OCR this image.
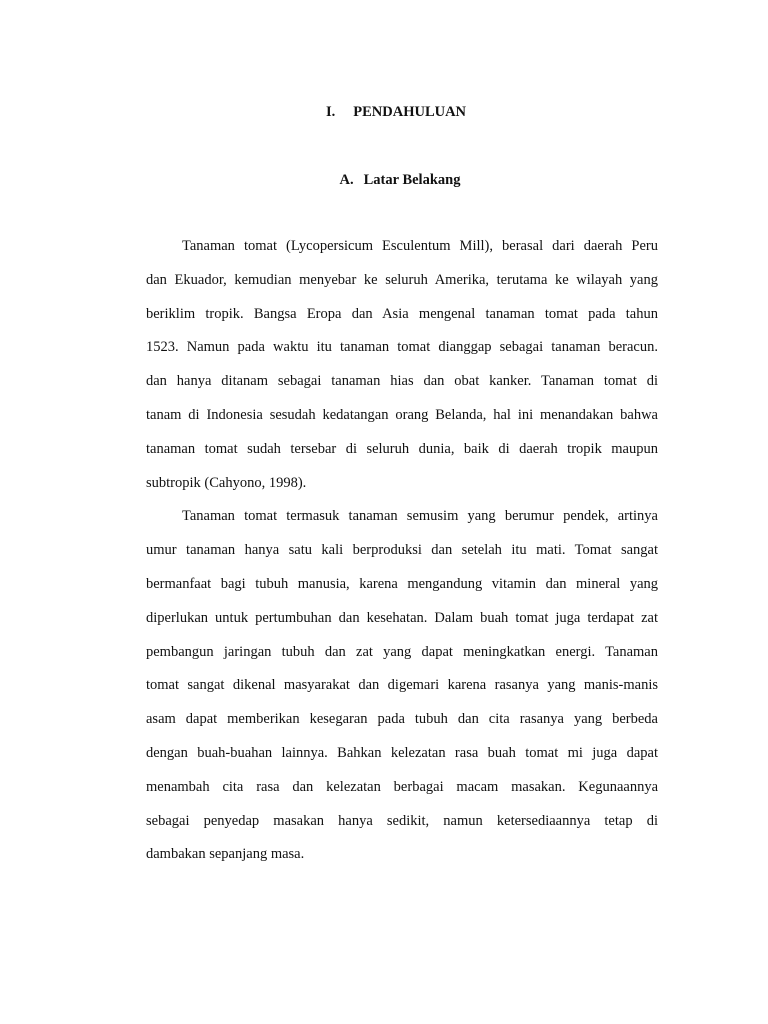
I. PENDAHULUAN
A. Latar Belakang
Tanaman tomat (Lycopersicum Esculentum Mill), berasal dari daerah Peru
dan Ekuador, kemudian menyebar ke seluruh Amerika, terutama ke wilayah yang
beriklim tropik. Bangsa Eropa dan Asia mengenal tanaman tomat pada tahun
1523. Namun pada waktu itu tanaman tomat dianggap sebagai tanaman beracun.
dan hanya ditanam sebagai tanaman hias dan obat kanker. Tanaman tomat di
tanam di Indonesia sesudah kedatangan orang Belanda, hal ini menandakan bahwa
tanaman tomat sudah tersebar di seluruh dunia, baik di daerah tropik maupun
subtropik (Cahyono, 1998).
Tanaman tomat termasuk tanaman semusim yang berumur pendek, artinya
umur tanaman hanya satu kali berproduksi dan setelah itu mati. Tomat sangat
bermanfaat bagi tubuh manusia, karena mengandung vitamin dan mineral yang
diperlukan untuk pertumbuhan dan kesehatan. Dalam buah tomat juga terdapat zat
pembangun jaringan tubuh dan zat yang dapat meningkatkan energi. Tanaman
tomat sangat dikenal masyarakat dan digemari karena rasanya yang manis-manis
asam dapat memberikan kesegaran pada tubuh dan cita rasanya yang berbeda
dengan buah-buahan lainnya. Bahkan kelezatan rasa buah tomat mi juga dapat
menambah cita rasa dan kelezatan berbagai macam masakan. Kegunaannya
sebagai penyedap masakan hanya sedikit, namun ketersediaannya tetap di
dambakan sepanjang masa.
